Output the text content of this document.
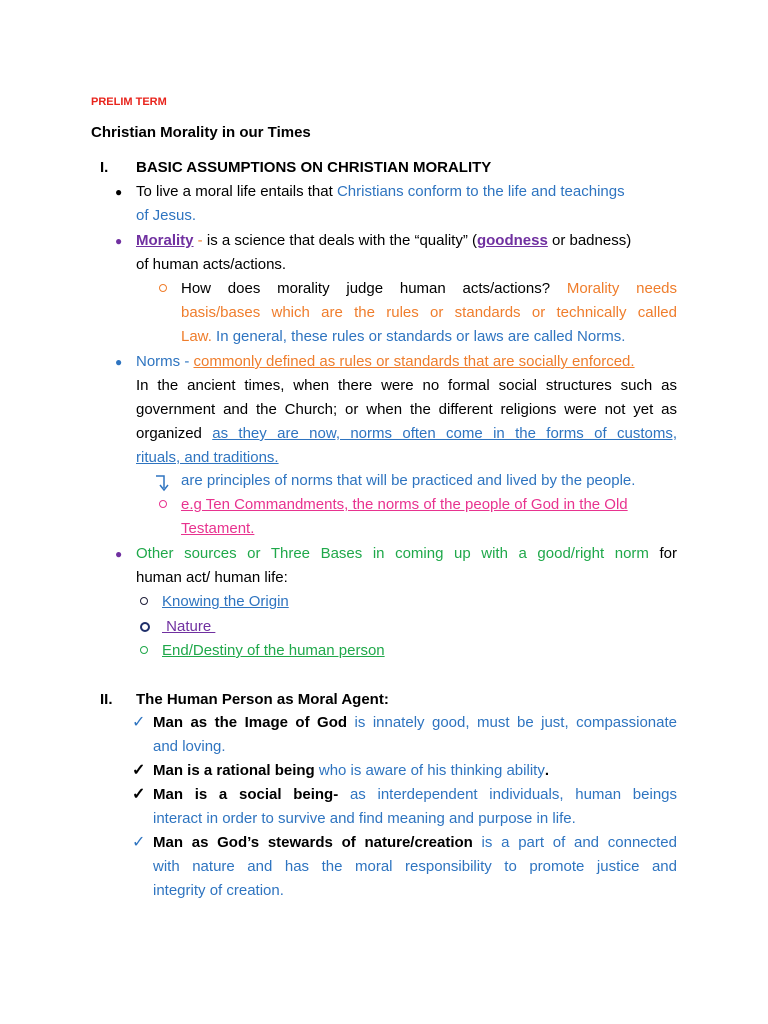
PRELIM TERM
Christian Morality in our Times
I. BASIC ASSUMPTIONS ON CHRISTIAN MORALITY
● To live a moral life entails that Christians conform to the life and teachings
of Jesus.
● Morality - is a science that deals with the “quality” (goodness or badness)
of human acts/actions.
How does morality judge human acts/actions? Morality needs
basis/bases which are the rules or standards or technically called
Law. In general, these rules or standards or laws are called Norms.
● Norms - commonly defined as rules or standards that are socially enforced.
In the ancient times, when there were no formal social structures such as
government and the Church; or when the different religions were not yet as
organized as they are now, norms often come in the forms of customs,
rituals, and traditions.
are principles of norms that will be practiced and lived by the people.
e.g Ten Commandments, the norms of the people of God in the Old
Testament.
● Other sources or Three Bases in coming up with a good/right norm for
human act/ human life:
Knowing the Origin
Nature
End/Destiny of the human person
II. The Human Person as Moral Agent:
✓ Man as the Image of God is innately good, must be just, compassionate
and loving.
✓ Man is a rational being who is aware of his thinking ability.
✓ Man is a social being- as interdependent individuals, human beings
interact in order to survive and find meaning and purpose in life.
✓ Man as God’s stewards of nature/creation is a part of and connected
with nature and has the moral responsibility to promote justice and
integrity of creation.
